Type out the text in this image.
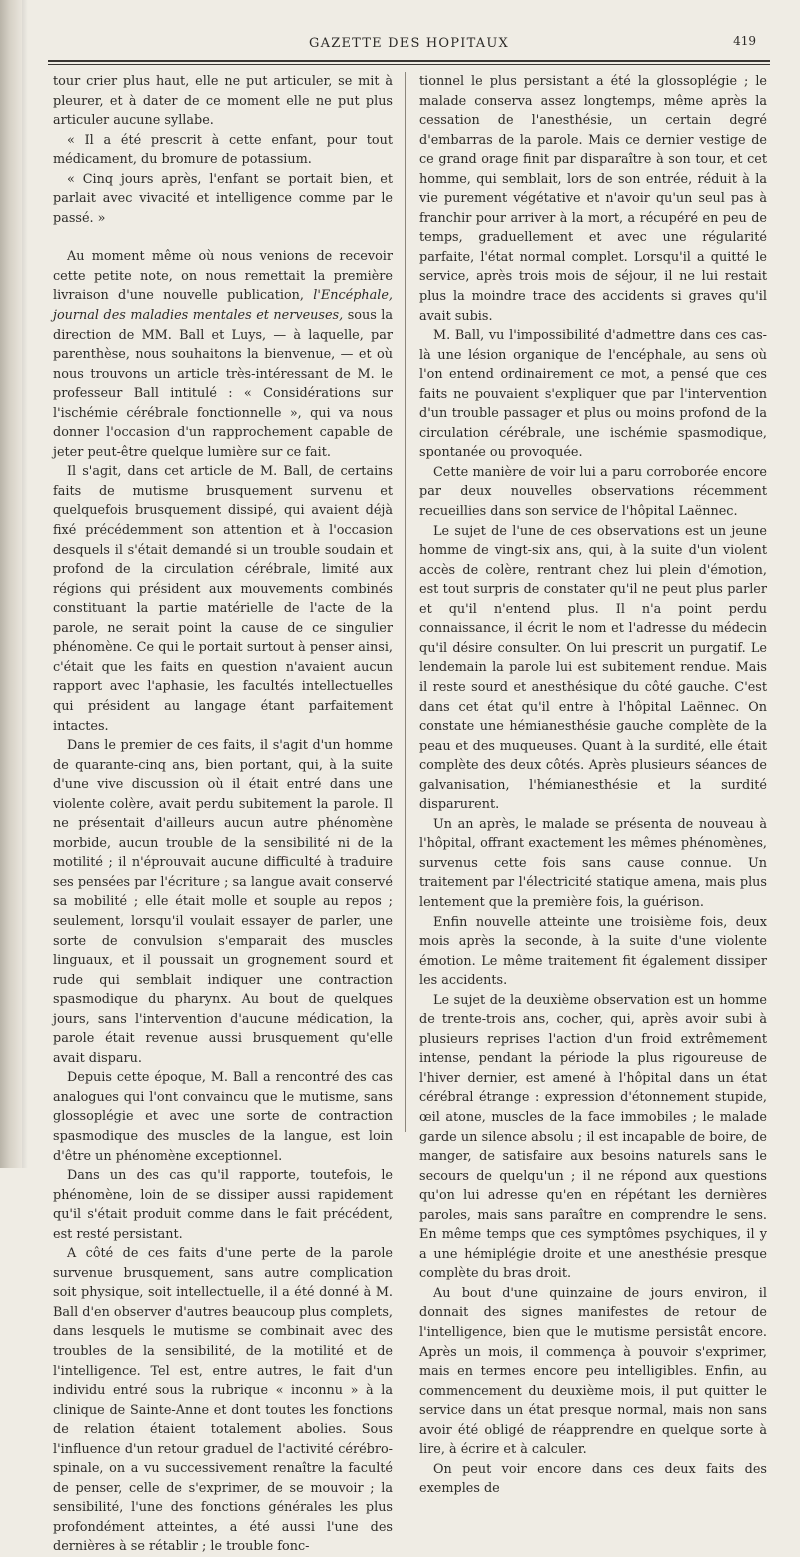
GAZETTE DES HOPITAUX	419

tour crier plus haut, elle ne put articuler, se mit à pleurer, et à dater de ce moment elle ne put plus articuler aucune syllabe.

« Il a été prescrit à cette enfant, pour tout médicament, du bromure de potassium.

« Cinq jours après, l'enfant se portait bien, et parlait avec vivacité et intelligence comme par le passé. »

Au moment même où nous venions de recevoir cette petite note, on nous remettait la première livraison d'une nouvelle publication, l'Encéphale, journal des maladies mentales et nerveuses, sous la direction de MM. Ball et Luys, — à laquelle, par parenthèse, nous souhaitons la bienvenue, — et où nous trouvons un article très-intéressant de M. le professeur Ball intitulé : « Considérations sur l'ischémie cérébrale fonctionnelle », qui va nous donner l'occasion d'un rapprochement capable de jeter peut-être quelque lumière sur ce fait.

Il s'agit, dans cet article de M. Ball, de certains faits de mutisme brusquement survenu et quelquefois brusquement dissipé, qui avaient déjà fixé précédemment son attention et à l'occasion desquels il s'était demandé si un trouble soudain et profond de la circulation cérébrale, limité aux régions qui président aux mouvements combinés constituant la partie matérielle de l'acte de la parole, ne serait point la cause de ce singulier phénomène. Ce qui le portait surtout à penser ainsi, c'était que les faits en question n'avaient aucun rapport avec l'aphasie, les facultés intellectuelles qui président au langage étant parfaitement intactes.

Dans le premier de ces faits, il s'agit d'un homme de quarante-cinq ans, bien portant, qui, à la suite d'une vive discussion où il était entré dans une violente colère, avait perdu subitement la parole. Il ne présentait d'ailleurs aucun autre phénomène morbide, aucun trouble de la sensibilité ni de la motilité ; il n'éprouvait aucune difficulté à traduire ses pensées par l'écriture ; sa langue avait conservé sa mobilité ; elle était molle et souple au repos ; seulement, lorsqu'il voulait essayer de parler, une sorte de convulsion s'emparait des muscles linguaux, et il poussait un grognement sourd et rude qui semblait indiquer une contraction spasmodique du pharynx. Au bout de quelques jours, sans l'intervention d'aucune médication, la parole était revenue aussi brusquement qu'elle avait disparu.

Depuis cette époque, M. Ball a rencontré des cas analogues qui l'ont convaincu que le mutisme, sans glossoplégie et avec une sorte de contraction spasmodique des muscles de la langue, est loin d'être un phénomène exceptionnel.

Dans un des cas qu'il rapporte, toutefois, le phénomène, loin de se dissiper aussi rapidement qu'il s'était produit comme dans le fait précédent, est resté persistant.

A côté de ces faits d'une perte de la parole survenue brusquement, sans autre complication soit physique, soit intellectuelle, il a été donné à M. Ball d'en observer d'autres beaucoup plus complets, dans lesquels le mutisme se combinait avec des troubles de la sensibilité, de la motilité et de l'intelligence. Tel est, entre autres, le fait d'un individu entré sous la rubrique « inconnu » à la clinique de Sainte-Anne et dont toutes les fonctions de relation étaient totalement abolies. Sous l'influence d'un retour graduel de l'activité cérébro-spinale, on a vu successivement renaître la faculté de penser, celle de s'exprimer, de se mouvoir ; la sensibilité, l'une des fonctions générales les plus profondément atteintes, a été aussi l'une des dernières à se rétablir ; le trouble fonc-

tionnel le plus persistant a été la glossoplégie ; le malade conserva assez longtemps, même après la cessation de l'anesthésie, un certain degré d'embarras de la parole. Mais ce dernier vestige de ce grand orage finit par disparaître à son tour, et cet homme, qui semblait, lors de son entrée, réduit à la vie purement végétative et n'avoir qu'un seul pas à franchir pour arriver à la mort, a récupéré en peu de temps, graduellement et avec une régularité parfaite, l'état normal complet. Lorsqu'il a quitté le service, après trois mois de séjour, il ne lui restait plus la moindre trace des accidents si graves qu'il avait subis.

M. Ball, vu l'impossibilité d'admettre dans ces cas-là une lésion organique de l'encéphale, au sens où l'on entend ordinairement ce mot, a pensé que ces faits ne pouvaient s'expliquer que par l'intervention d'un trouble passager et plus ou moins profond de la circulation cérébrale, une ischémie spasmodique, spontanée ou provoquée.

Cette manière de voir lui a paru corroborée encore par deux nouvelles observations récemment recueillies dans son service de l'hôpital Laënnec.

Le sujet de l'une de ces observations est un jeune homme de vingt-six ans, qui, à la suite d'un violent accès de colère, rentrant chez lui plein d'émotion, est tout surpris de constater qu'il ne peut plus parler et qu'il n'entend plus. Il n'a point perdu connaissance, il écrit le nom et l'adresse du médecin qu'il désire consulter. On lui prescrit un purgatif. Le lendemain la parole lui est subitement rendue. Mais il reste sourd et anesthésique du côté gauche. C'est dans cet état qu'il entre à l'hôpital Laënnec. On constate une hémianesthésie gauche complète de la peau et des muqueuses. Quant à la surdité, elle était complète des deux côtés. Après plusieurs séances de galvanisation, l'hémianesthésie et la surdité disparurent.

Un an après, le malade se présenta de nouveau à l'hôpital, offrant exactement les mêmes phénomènes, survenus cette fois sans cause connue. Un traitement par l'électricité statique amena, mais plus lentement que la première fois, la guérison.

Enfin nouvelle atteinte une troisième fois, deux mois après la seconde, à la suite d'une violente émotion. Le même traitement fit également dissiper les accidents.

Le sujet de la deuxième observation est un homme de trente-trois ans, cocher, qui, après avoir subi à plusieurs reprises l'action d'un froid extrêmement intense, pendant la période la plus rigoureuse de l'hiver dernier, est amené à l'hôpital dans un état cérébral étrange : expression d'étonnement stupide, œil atone, muscles de la face immobiles ; le malade garde un silence absolu ; il est incapable de boire, de manger, de satisfaire aux besoins naturels sans le secours de quelqu'un ; il ne répond aux questions qu'on lui adresse qu'en en répétant les dernières paroles, mais sans paraître en comprendre le sens. En même temps que ces symptômes psychiques, il y a une hémiplégie droite et une anesthésie presque complète du bras droit.

Au bout d'une quinzaine de jours environ, il donnait des signes manifestes de retour de l'intelligence, bien que le mutisme persistât encore. Après un mois, il commença à pouvoir s'exprimer, mais en termes encore peu intelligibles. Enfin, au commencement du deuxième mois, il put quitter le service dans un état presque normal, mais non sans avoir été obligé de réapprendre en quelque sorte à lire, à écrire et à calculer.

On peut voir encore dans ces deux faits des exemples de
